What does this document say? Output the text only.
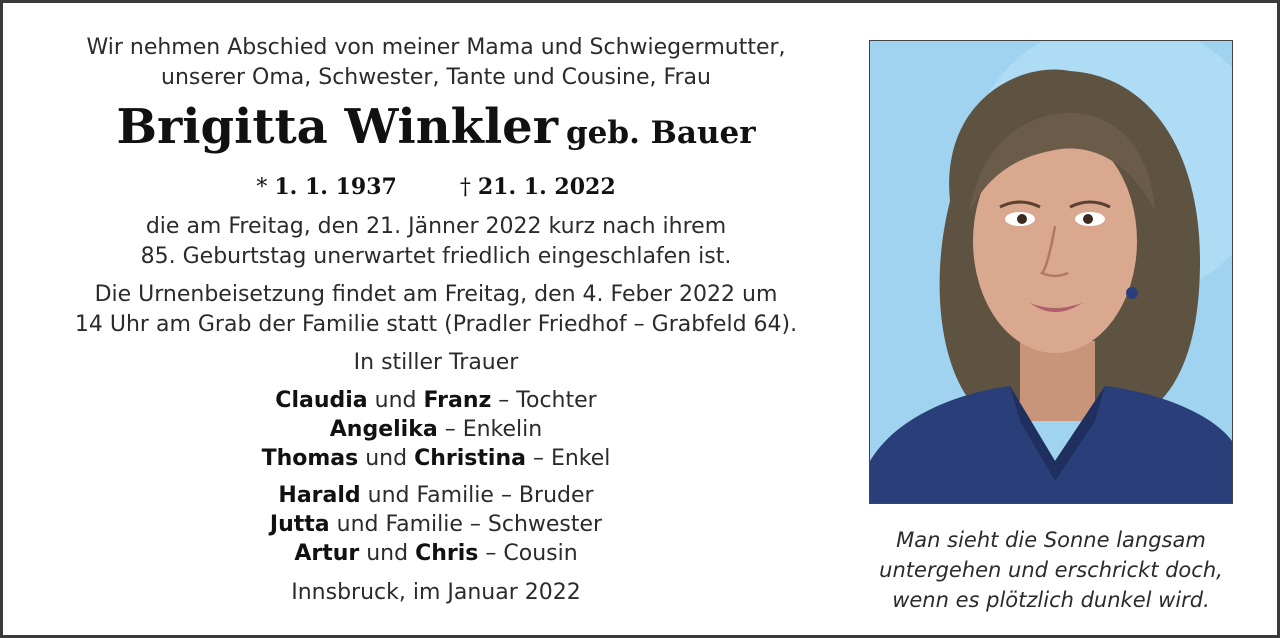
Wir nehmen Abschied von meiner Mama und Schwiegermutter,
unserer Oma, Schwester, Tante und Cousine, Frau
Brigitta Winkler geb. Bauer
* 1. 1. 1937	† 21. 1. 2022
die am Freitag, den 21. Jänner 2022 kurz nach ihrem
85. Geburtstag unerwartet friedlich eingeschlafen ist.
Die Urnenbeisetzung findet am Freitag, den 4. Feber 2022 um
14 Uhr am Grab der Familie statt (Pradler Friedhof – Grabfeld 64).
In stiller Trauer
Claudia und Franz – Tochter
Angelika – Enkelin
Thomas und Christina – Enkel
Harald und Familie – Bruder
Jutta und Familie – Schwester
Artur und Chris – Cousin
Innsbruck, im Januar 2022
Man sieht die Sonne langsam
untergehen und erschrickt doch,
wenn es plötzlich dunkel wird.
